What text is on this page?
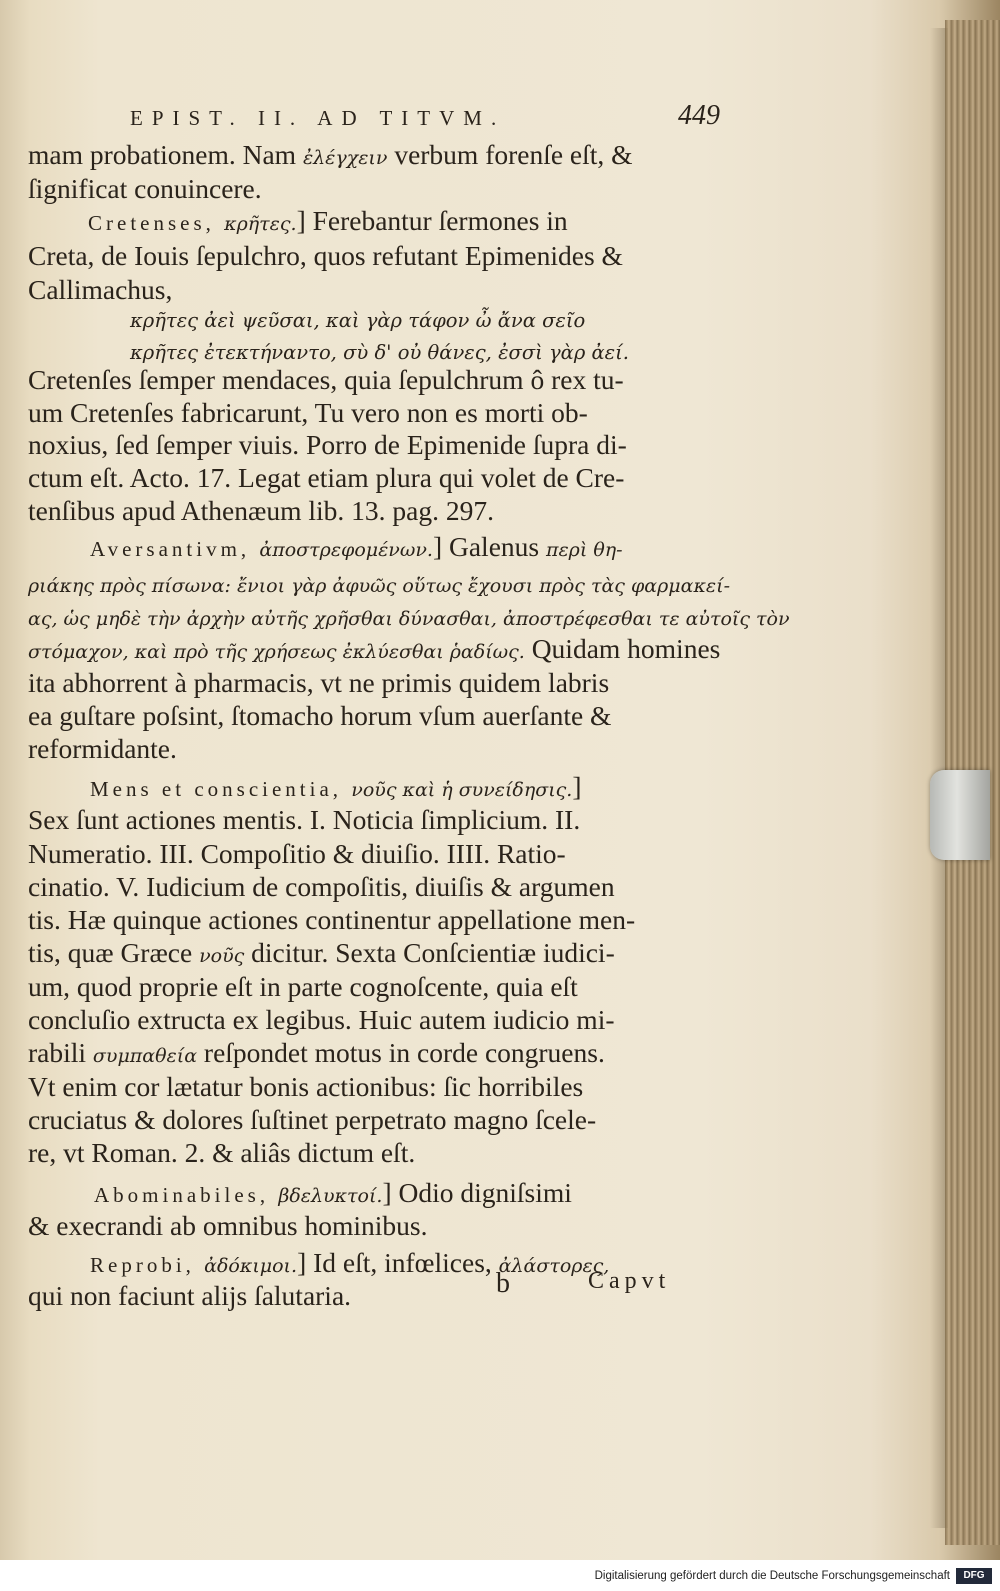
EPIST. II. AD TITVM.	449
mam probationem. Nam ἐλέγχειν verbum forenſe eſt, &
ſignificat conuincere.
Cretenses, κρῆτες.] Ferebantur ſermones in
Creta, de Iouis ſepulchro, quos refutant Epimenides &
Callimachus,
Cretenſes ſemper mendaces, quia ſepulchrum ô rex tu-
um Cretenſes fabricarunt, Tu vero non es morti ob-
noxius, ſed ſemper viuis. Porro de Epimenide ſupra di-
ctum eſt. Acto. 17. Legat etiam plura qui volet de Cre-
tenſibus apud Athenæum lib. 13. pag. 297.
Aversantivm, ἀποστρεφομένων.] Galenus περὶ θη-
ριάκης πρὸς πίσωνα: ἔνιοι γὰρ ἀφυῶς οὕτως ἔχουσι πρὸς τὰς φαρμακεί-
ας, ὡς μηδὲ τὴν ἀρχὴν αὐτῆς χρῆσθαι δύνασθαι, ἀποστρέφεσθαι τε αὐτοῖς τὸν
στόμαχον, καὶ πρὸ τῆς χρήσεως ἐκλύεσθαι ῥαδίως. Quidam homines
ita abhorrent à pharmacis, vt ne primis quidem labris
ea guſtare poſsint, ſtomacho horum vſum auerſante &
reformidante.
Mens et conscientia, νοῦς καὶ ἡ συνείδησις.]
Sex ſunt actiones mentis. I. Noticia ſimplicium. II.
Numeratio. III. Compoſitio & diuiſio. IIII. Ratio-
cinatio. V. Iudicium de compoſitis, diuiſis & argumen
tis. Hæ quinque actiones continentur appellatione men-
tis, quæ Græce νοῦς dicitur. Sexta Conſcientiæ iudici-
um, quod proprie eſt in parte cognoſcente, quia eſt
concluſio extructa ex legibus. Huic autem iudicio mi-
rabili συμπαθεία reſpondet motus in corde congruens.
Vt enim cor lætatur bonis actionibus: ſic horribiles
cruciatus & dolores ſuſtinet perpetrato magno ſcele-
re, vt Roman. 2. & aliâs dictum eſt.
Abominabiles, βδελυκτοί.] Odio digniſsimi
& execrandi ab omnibus hominibus.
Reprobi, ἀδόκιμοι.] Id eſt, infœlices, ἀλάστορες,
qui non faciunt alijs ſalutaria.
κρῆτες ἀεὶ ψεῦσαι, καὶ γὰρ τάφον ὦ ἄνα σεῖο
κρῆτες ἐτεκτήναντο, σὺ δ' οὐ θάνες, ἐσσὶ γὰρ ἀεί.
b	Capvt
Digitalisierung gefördert durch die Deutsche Forschungsgemeinschaft	DFG
